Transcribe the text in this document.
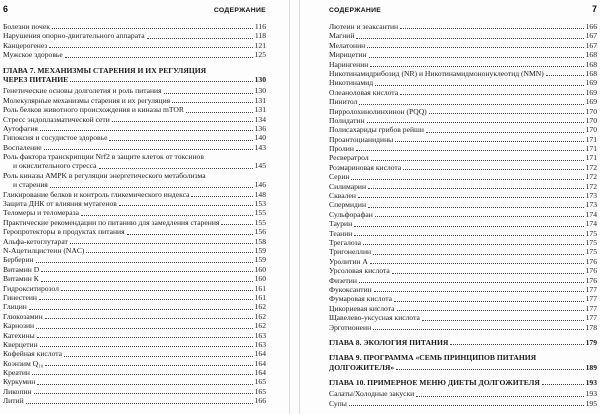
6	СОДЕРЖАНИЕ
Болезни почек	116
Нарушения опорно-двигательного аппарата	118
Канцерогенез	121
Мужское здоровье	125
ГЛАВА 7. МЕХАНИЗМЫ СТАРЕНИЯ И ИХ РЕГУЛЯЦИЯ
ЧЕРЕЗ ПИТАНИЕ	130
Генетические основы долголетия и роль питания	130
Молекулярные механизмы старения и их регуляция	131
Роль белков животного происхождения и киназы mTOR	131
Стресс эндоплазматической сети	134
Аутофагия	136
Гипоксия и сосудистое здоровье	140
Воспаление	143
Роль фактора транскрипции Nrf2 в защите клеток от токсинов
и окислительного стресса	145
Роль киназы AMPK в регуляции энергетического метаболизма
и старения	146
Гликирование белков и контроль гликемического индекса	148
Защита ДНК от влияния мутагенов	153
Теломеры и теломераза	155
Практические рекомендации по питанию для замедления старения	155
Геропротекторы в продуктах питания	156
Альфа-кетоглутарат	158
N-Ацетилцистеин (NAC)	159
Берберин	159
Витамин D	160
Витамин К	160
Гидрокситирозол	161
Гинестеин	161
Глицин	162
Глюкозамин	162
Карнозин	162
Катехины	163
Кверцетин	163
Кофейная кислота	164
Коэнзим Q₁₀	164
Креатин	164
Куркумин	165
Ликопин	165
Литий	166
СОДЕРЖАНИЕ	7
Лютеин и зеаксантин	166
Магний	167
Мелатонин	167
Мирицетин	168
Нарингенин	168
Никотинамидрибозид (NR) и Никотинамидмононуклеотид (NMN)	168
Никотинамид	169
Олеаноловая кислота	169
Пинитол	169
Пирролохинолинхинон (PQQ)	170
Полидатин	170
Полисахариды грибов рейши	170
Проантоцианидины	171
Пролин	171
Ресвератрол	171
Розмариновая кислота	172
Серин	172
Силимарин	172
Сквален	173
Спермидин	173
Сульфорафан	174
Таурин	174
Теанин	175
Трегалоза	175
Тригонеллин	175
Уролитин А	176
Урсоловая кислота	176
Физетин	176
Фукоксантин	177
Фумаровая кислота	177
Цикориевая кислота	177
Щавелево-уксусная кислота	177
Эрготионеин	178
ГЛАВА 8. ЭКОЛОГИЯ ПИТАНИЯ	179
ГЛАВА 9. ПРОГРАММА «СЕМЬ ПРИНЦИПОВ ПИТАНИЯ
ДОЛГОЖИТЕЛЯ»	189
ГЛАВА 10. ПРИМЕРНОЕ МЕНЮ ДИЕТЫ ДОЛГОЖИТЕЛЯ	193
Салаты/Холодные закуски	193
Супы	195
